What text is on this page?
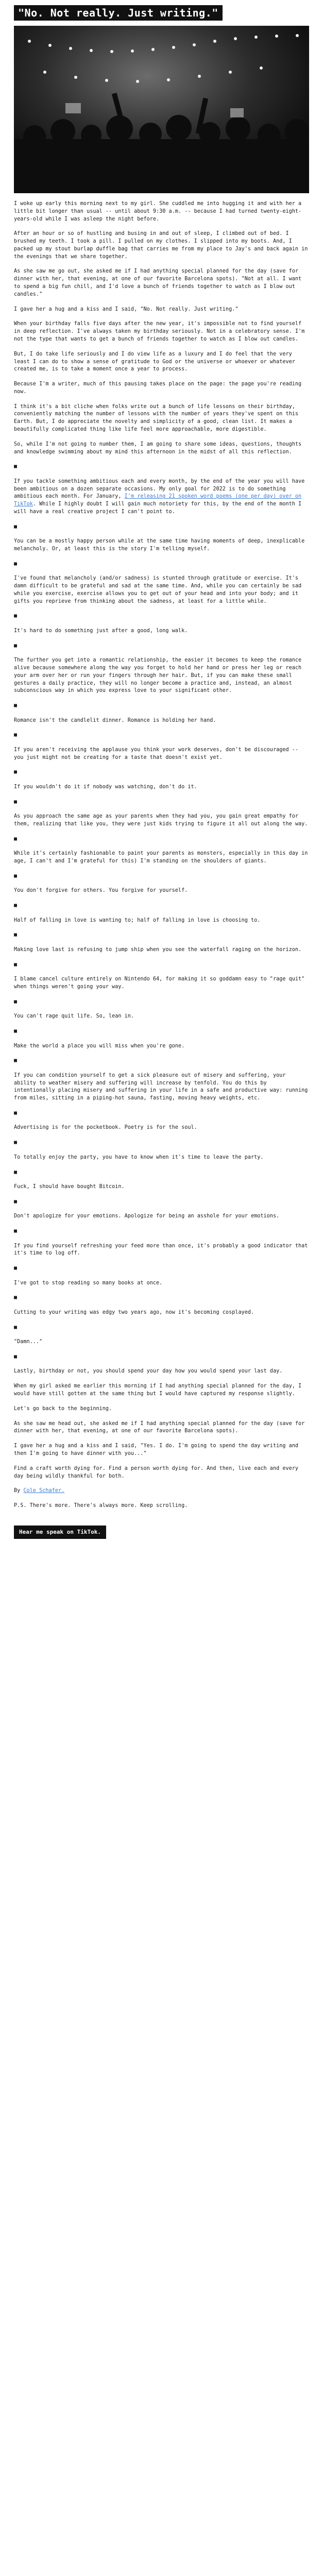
"No. Not really. Just writing."

I woke up early this morning next to my girl. She cuddled me into hugging it and with her a little bit longer than usual -- until about 9:30 a.m. -- because I had turned twenty-eight-years-old while I was asleep the night before.

After an hour or so of hustling and busing in and out of sleep, I climbed out of bed. I brushed my teeth. I took a pill. I pulled on my clothes. I slipped into my boots. And, I packed up my stout burlap duffle bag that carries me from my place to Jay's and back again in the evenings that we share together.

As she saw me go out, she asked me if I had anything special planned for the day (save for dinner with her, that evening, at one of our favorite Barcelona spots). "Not at all. I want to spend a big fun chill, and I'd love a bunch of friends together to watch as I blow out candles."

I gave her a hug and a kiss and I said, "No. Not really. Just writing."

When your birthday falls five days after the new year, it's impossible not to find yourself in deep reflection. I've always taken my birthday seriously. Not in a celebratory sense. I'm not the type that wants to get a bunch of friends together to watch as I blow out candles.

But, I do take life seriously and I do view life as a luxury and I do feel that the very least I can do to show a sense of gratitude to God or the universe or whoever or whatever created me, is to take a moment once a year to process.

Because I'm a writer, much of this pausing takes place on the page: the page you're reading now.

I think it's a bit cliche when folks write out a bunch of life lessons on their birthday, conveniently matching the number of lessons with the number of years they've spent on this Earth. But, I do appreciate the novelty and simplicity of a good, clean list. It makes a beautifully complicated thing like life feel more approachable, more digestible.

So, while I'm not going to number them, I am going to share some ideas, questions, thoughts and knowledge swimming about my mind this afternoon in the midst of all this reflection.

■

If you tackle something ambitious each and every month, by the end of the year you will have been ambitious on a dozen separate occasions. My only goal for 2022 is to do something ambitious each month. For January, I'm releasing 21 spoken word poems (one per day) over on TikTok. While I highly doubt I will gain much notoriety for this, by the end of the month I will have a real creative project I can't point to.

■

You can be a mostly happy person while at the same time having moments of deep, inexplicable melancholy. Or, at least this is the story I'm telling myself.

■

I've found that melancholy (and/or sadness) is stunted through gratitude or exercise. It's damn difficult to be grateful and sad at the same time. And, while you can certainly be sad while you exercise, exercise allows you to get out of your head and into your body; and it gifts you reprieve from thinking about the sadness, at least for a little while.

■

It's hard to do something just after a good, long walk.

■

The further you get into a romantic relationship, the easier it becomes to keep the romance alive because somewhere along the way you forget to hold her hand or press her leg or reach your arm over her or run your fingers through her hair. But, if you can make these small gestures a daily practice, they will no longer become a practice and, instead, an almost subconscious way in which you express love to your significant other.

■

Romance isn't the candlelit dinner. Romance is holding her hand.

■

If you aren't receiving the applause you think your work deserves, don't be discouraged -- you just might not be creating for a taste that doesn't exist yet.

■

If you wouldn't do it if nobody was watching, don't do it.

■

As you approach the same age as your parents when they had you, you gain great empathy for them, realizing that like you, they were just kids trying to figure it all out along the way.

■

While it's certainly fashionable to paint your parents as monsters, especially in this day in age, I can't and I'm grateful for this) I'm standing on the shoulders of giants.

■

You don't forgive for others. You forgive for yourself.

■

Half of falling in love is wanting to; half of falling in love is choosing to.

■

Making love last is refusing to jump ship when you see the waterfall raging on the horizon.

■

I blame cancel culture entirely on Nintendo 64, for making it so goddamn easy to "rage quit" when things weren't going your way.

■

You can't rage quit life. So, lean in.

■

Make the world a place you will miss when you're gone.

■

If you can condition yourself to get a sick pleasure out of misery and suffering, your ability to weather misery and suffering will increase by tenfold. You do this by intentionally placing misery and suffering in your life in a safe and productive way: running from miles, sitting in a piping-hot sauna, fasting, moving heavy weights, etc.

■

Advertising is for the pocketbook. Poetry is for the soul.

■

To totally enjoy the party, you have to know when it's time to leave the party.

■

Fuck, I should have bought Bitcoin.

■

Don't apologize for your emotions. Apologize for being an asshole for your emotions.

■

If you find yourself refreshing your feed more than once, it's probably a good indicator that it's time to log off.

■

I've got to stop reading so many books at once.

■

Cutting to your writing was edgy two years ago, now it's becoming cosplayed.

■

"Damn..."

■

Lastly, birthday or not, you should spend your day how you would spend your last day.

When my girl asked me earlier this morning if I had anything special planned for the day, I would have still gotten at the same thing but I would have captured my response slightly.

Let's go back to the beginning.

As she saw me head out, she asked me if I had anything special planned for the day (save for dinner with her, that evening, at one of our favorite Barcelona spots).

I gave her a hug and a kiss and I said, "Yes. I do. I'm going to spend the day writing and then I'm going to have dinner with you..."

Find a craft worth dying for. Find a person worth dying for. And then, live each and every day being wildly thankful for both.

By Cole Schafer.

P.S. There's more. There's always more. Keep scrolling.

Hear me speak on TikTok.
